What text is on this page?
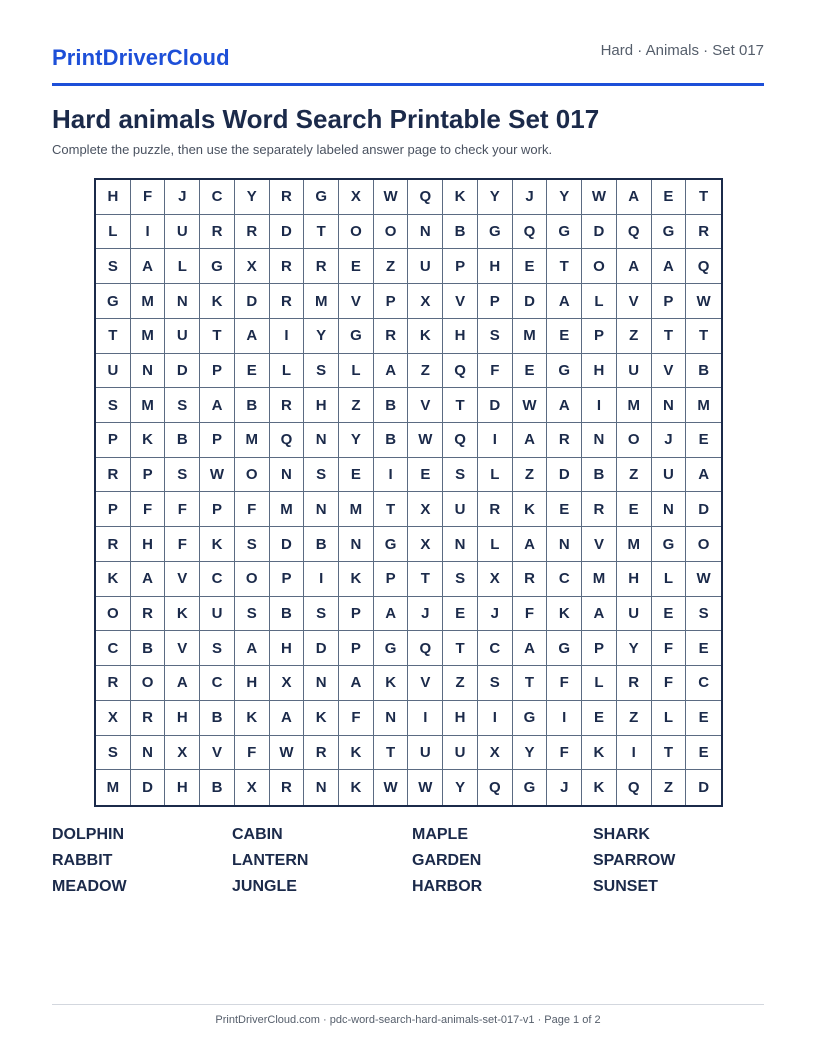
PrintDriverCloud	Hard · Animals · Set 017
Hard animals Word Search Printable Set 017
Complete the puzzle, then use the separately labeled answer page to check your work.
H	F	J	C	Y	R	G	X	W	Q	K	Y	J	Y	W	A	E	T
L	I	U	R	R	D	T	O	O	N	B	G	Q	G	D	Q	G	R
S	A	L	G	X	R	R	E	Z	U	P	H	E	T	O	A	A	Q
G	M	N	K	D	R	M	V	P	X	V	P	D	A	L	V	P	W
T	M	U	T	A	I	Y	G	R	K	H	S	M	E	P	Z	T	T
U	N	D	P	E	L	S	L	A	Z	Q	F	E	G	H	U	V	B
S	M	S	A	B	R	H	Z	B	V	T	D	W	A	I	M	N	M
P	K	B	P	M	Q	N	Y	B	W	Q	I	A	R	N	O	J	E
R	P	S	W	O	N	S	E	I	E	S	L	Z	D	B	Z	U	A
P	F	F	P	F	M	N	M	T	X	U	R	K	E	R	E	N	D
R	H	F	K	S	D	B	N	G	X	N	L	A	N	V	M	G	O
K	A	V	C	O	P	I	K	P	T	S	X	R	C	M	H	L	W
O	R	K	U	S	B	S	P	A	J	E	J	F	K	A	U	E	S
C	B	V	S	A	H	D	P	G	Q	T	C	A	G	P	Y	F	E
R	O	A	C	H	X	N	A	K	V	Z	S	T	F	L	R	F	C
X	R	H	B	K	A	K	F	N	I	H	I	G	I	E	Z	L	E
S	N	X	V	F	W	R	K	T	U	U	X	Y	F	K	I	T	E
M	D	H	B	X	R	N	K	W	W	Y	Q	G	J	K	Q	Z	D
DOLPHIN	CABIN	MAPLE	SHARK
RABBIT	LANTERN	GARDEN	SPARROW
MEADOW	JUNGLE	HARBOR	SUNSET
PrintDriverCloud.com · pdc-word-search-hard-animals-set-017-v1 · Page 1 of 2
